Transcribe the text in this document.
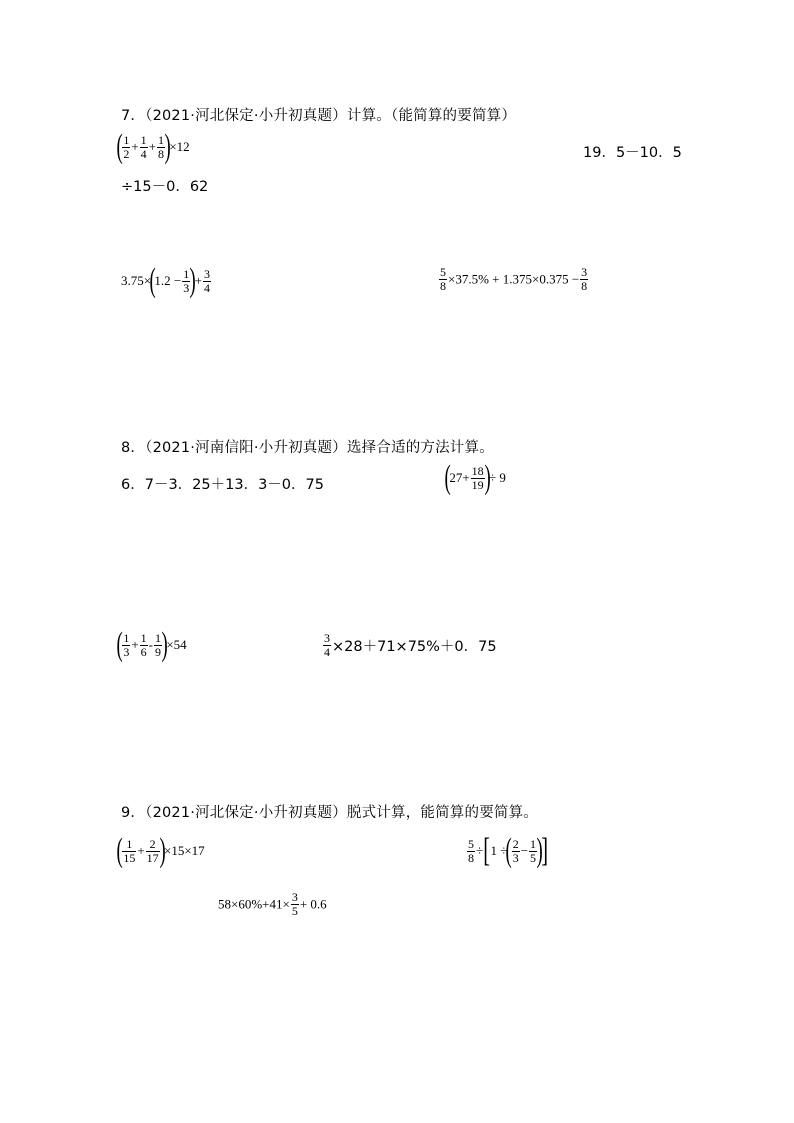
7．（2021·河北保定·小升初真题）计算。（能简算的要简算）
( $\frac{1}{2} + \frac{1}{4} + \frac{1}{8} )\times 12$	19．5－10．5
÷15－0．62
$3.75\times(1.2 - \frac{1}{3}$ )+ $\frac{3}{4}$	$\frac{5}{8} \times 37.5\% + 1.375\times 0.375 - \frac{3}{8}$
8．（2021·河南信阳·小升初真题）选择合适的方法计算。
6．7－3．25＋13．3－0．75	($27+ \frac{18}{19}$ )÷ 9
( $\frac{1}{3} + \frac{1}{6} - \frac{1}{9} )\times 54$	$\frac{3}{4} \times 28+71\times 75\%+0$．75
9．（2021·河北保定·小升初真题）脱式计算，能简算的要简算。
( $\frac{1}{15} + \frac{2}{17} )\times 15\times 17$	$\frac{5}{8} \div[1$ ÷( $\frac{2}{3} - \frac{1}{5}$ )]
$58\times 60\%+41\times \frac{3}{5} + 0.6$
